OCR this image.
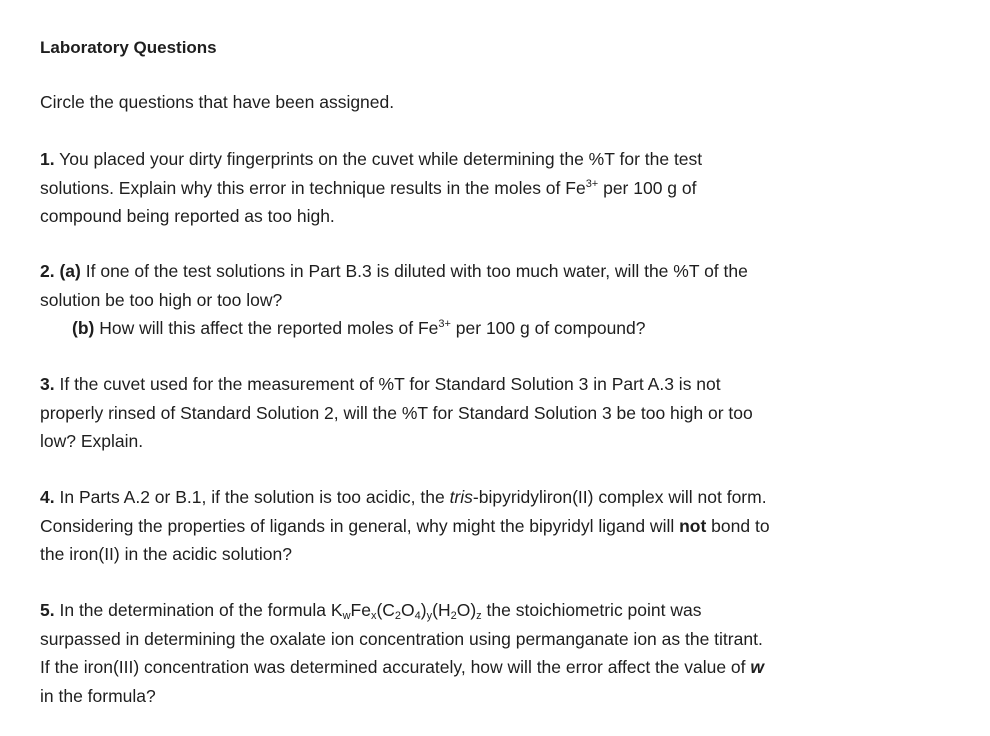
Laboratory Questions
Circle the questions that have been assigned.
1. You placed your dirty fingerprints on the cuvet while determining the %T for the test
solutions. Explain why this error in technique results in the moles of $Fe^{3+}$ per 100 g of
compound being reported as too high.
2. (a) If one of the test solutions in Part B.3 is diluted with too much water, will the %T of the
solution be too high or too low?
(b) How will this affect the reported moles of $Fe^{3+}$ per 100 g of compound?
3. If the cuvet used for the measurement of %T for Standard Solution 3 in Part A.3 is not
properly rinsed of Standard Solution 2, will the %T for Standard Solution 3 be too high or too
low? Explain.
4. In Parts A.2 or B.1, if the solution is too acidic, the tris-bipyridyliron(II) complex will not form.
Considering the properties of ligands in general, why might the bipyridyl ligand will not bond to
the iron(II) in the acidic solution?
5. In the determination of the formula $K_wFe_x(C_2O_4)_y(H_2O)_z$ the stoichiometric point was
surpassed in determining the oxalate ion concentration using permanganate ion as the titrant.
If the iron(III) concentration was determined accurately, how will the error affect the value of w
in the formula?
